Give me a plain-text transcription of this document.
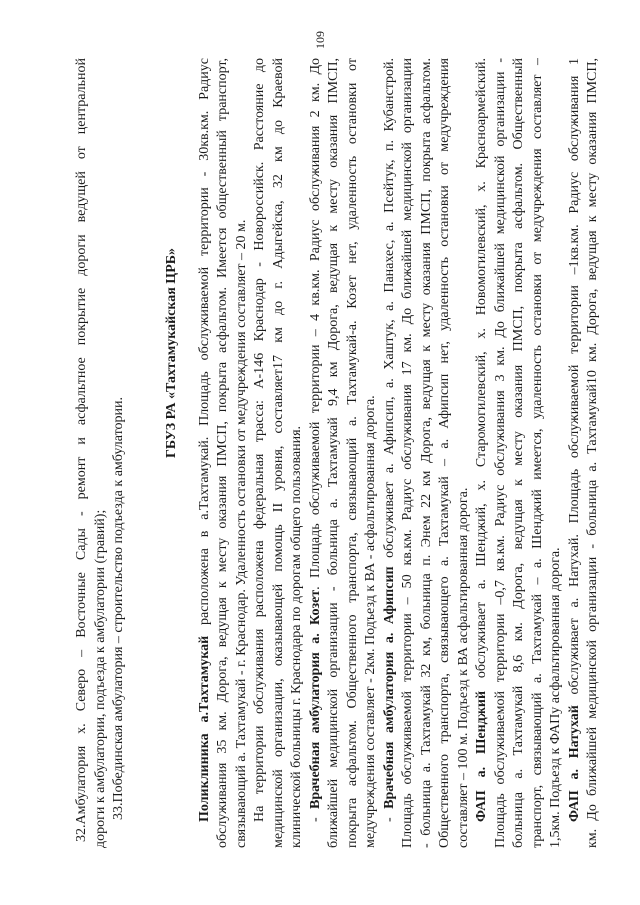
109
32.Амбулатория х. Северо – Восточные Сады - ремонт и асфальтное покрытие дороги ведущей от центральной дороги к амбулатории, подъезда к амбулатории (гравий); 33.Побединская амбулатория – строительство подъезда к амбулатории.
ГБУЗ РА «Тахтамукайская ЦРБ»
Поликлиника а.Тахтамукай расположена в а.Тахтамукай. Площадь обслуживаемой территории - 30кв.км. Радиус обслуживания 35 км. Дорога, ведущая к месту оказания ПМСП, покрыта асфальтом. Имеется общественный транспорт, связывающий а. Тахтамукай - г. Краснодар. Удаленность остановки от медучреждения составляет – 20 м. На территории обслуживания расположена федеральная трасса: А-146 Краснодар - Новороссийск. Расстояние до медицинской организации, оказывающей помощь II уровня, составляет17 км до г. Адыгейска, 32 км до Краевой клинической больницы г. Краснодара по дорогам общего пользования. - Врачебная амбулатория а. Козет. Площадь обслуживаемой территории – 4 кв.км. Радиус обслуживания 2 км. До ближайшей медицинской организации - больница а. Тахтамукай 9,4 км Дорога, ведущая к месту оказания ПМСП, покрыта асфальтом. Общественного транспорта, связывающий а. Тахтамукай-а. Козет нет, удаленность остановки от медучреждения составляет - 2км. Подъезд к ВА - асфальтированная дорога. - Врачебная амбулатория а. Афипсип обслуживает а. Афипсип, а. Хаштук, а. Панахес, а. Псейтук, п. Кубанстрой. Площадь обслуживаемой территории – 50 кв.км. Радиус обслуживания 17 км. До ближайшей медицинской организации - больница а. Тахтамукай 32 км, больница п. Энем 22 км Дорога, ведущая к месту оказания ПМСП, покрыта асфальтом. Общественного транспорта, связывающего а. Тахтамукай – а. Афипсип нет, удаленность остановки от медучреждения составляет – 100 м. Подъезд к ВА асфальтированная дорога. ФАП а. Шенджий обслуживает а. Шенджий, х. Старомогилевский, х. Новомогилевский, х. Красноармейский. Площадь обслуживаемой территории –0,7 кв.км. Радиус обслуживания 3 км. До ближайшей медицинской организации - больница а. Тахтамукай 8,6 км. Дорога, ведущая к месту оказания ПМСП, покрыта асфальтом. Общественный транспорт, связывающий а. Тахтамукай – а. Шенджий имеется, удаленность остановки от медучреждения составляет – 1,5км. Подъезд к ФАПу асфальтированная дорога. ФАП а. Натухай обслуживает а. Натухай. Площадь обслуживаемой территории –1кв.км. Радиус обслуживания 1 км. До ближайшей медицинской организации - больница а. Тахтамукай10 км. Дорога, ведущая к месту оказания ПМСП,
